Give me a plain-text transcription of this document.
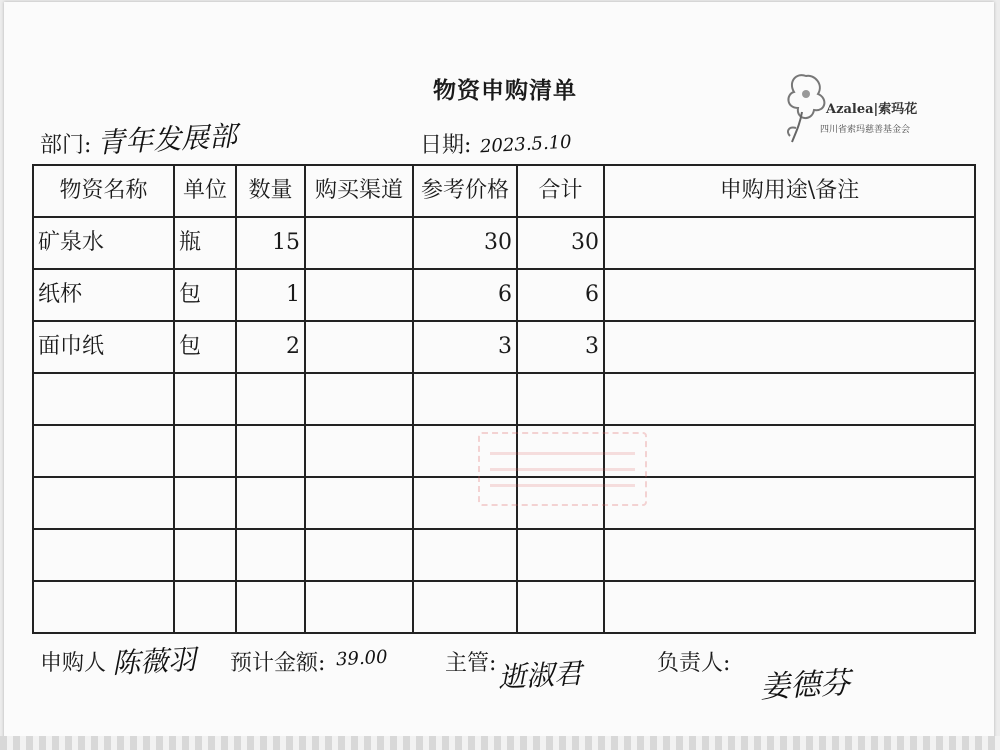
物资申购清单
Azalea|索玛花
四川省索玛慈善基金会
部门: 青年发展部	日期: 2023.5.10
物资名称	单位	数量	购买渠道	参考价格	合计	申购用途\备注
矿泉水	瓶	15		30	30	
纸杯	包	1		6	6	
面巾纸	包	2		3	3	

申购人 陈薇羽 预计金额: 39.00	主管: 逝淑君	负责人:
姜德芬
